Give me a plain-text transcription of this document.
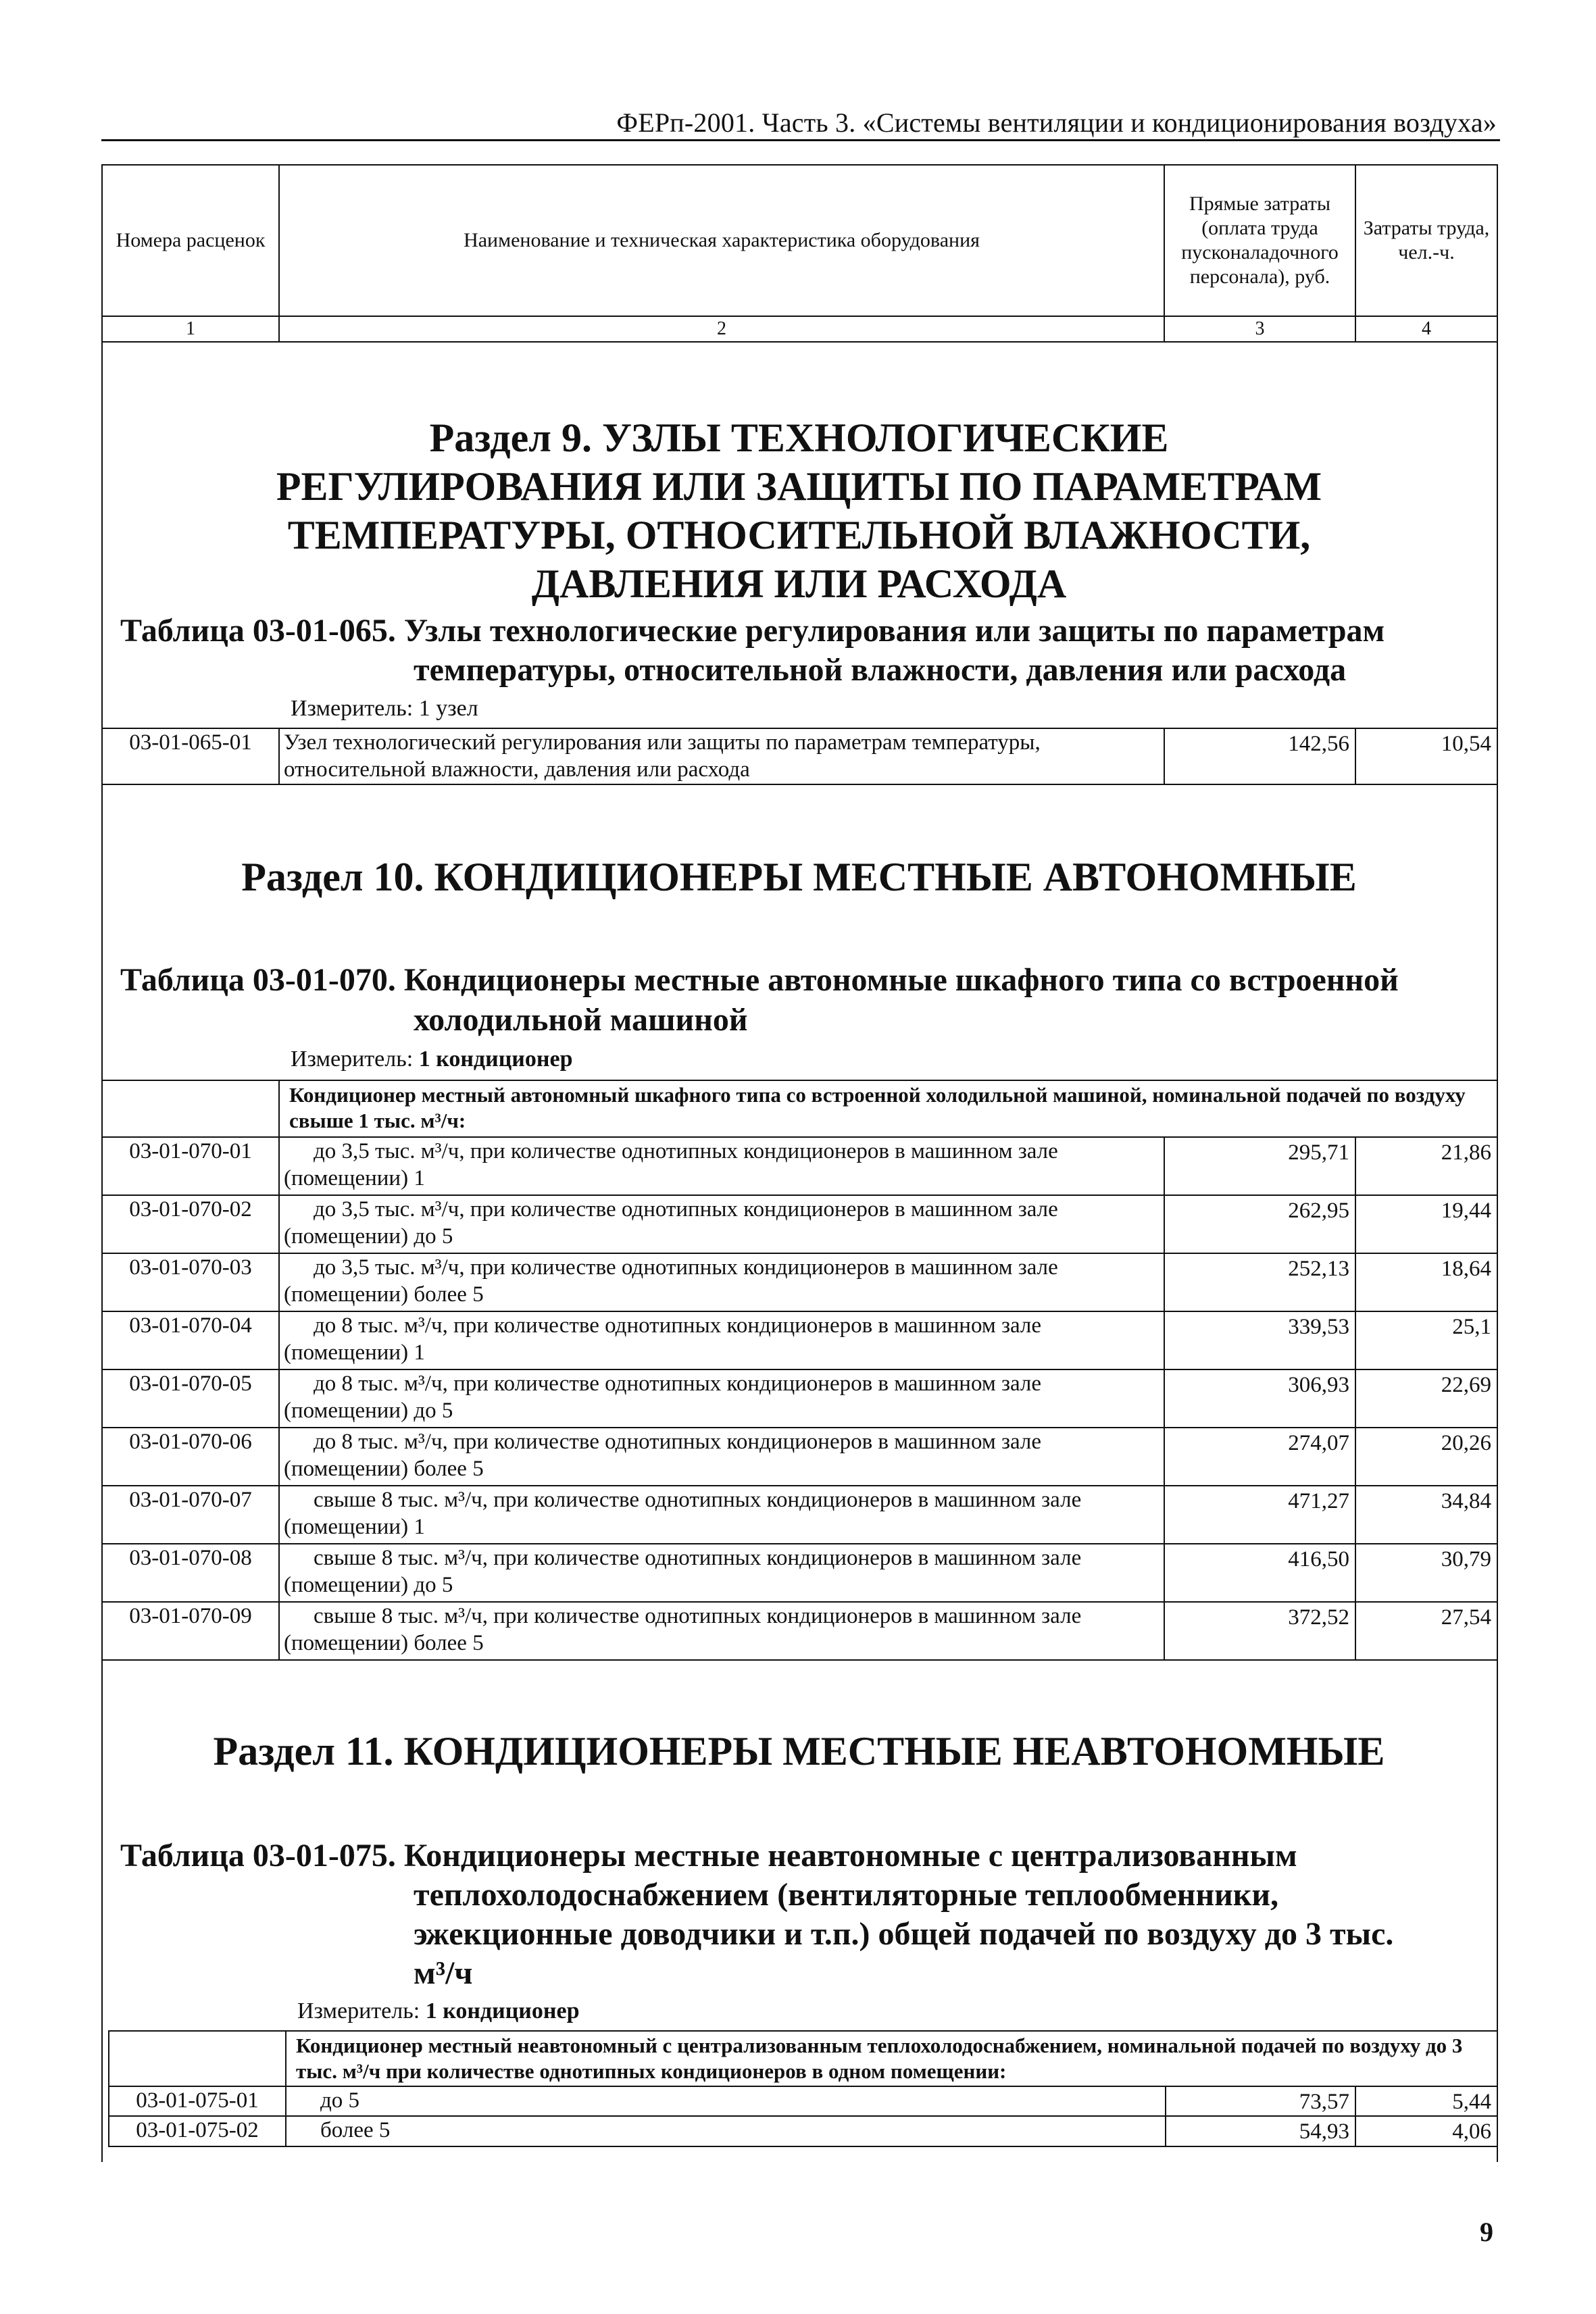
ФЕРп-2001. Часть 3. «Системы вентиляции и кондиционирования воздуха»
Номера расценок	Наименование и техническая характеристика оборудования	Прямые затраты (оплата труда пусконаладочного персонала), руб.	Затраты труда, чел.-ч.
1	2	3	4
Раздел 9. УЗЛЫ ТЕХНОЛОГИЧЕСКИЕ РЕГУЛИРОВАНИЯ ИЛИ ЗАЩИТЫ ПО ПАРАМЕТРАМ ТЕМПЕРАТУРЫ, ОТНОСИТЕЛЬНОЙ ВЛАЖНОСТИ, ДАВЛЕНИЯ ИЛИ РАСХОДА
Таблица 03-01-065. Узлы технологические регулирования или защиты по параметрам
температуры, относительной влажности, давления или расхода
Измеритель: 1 узел
03-01-065-01	Узел технологический регулирования или защиты по параметрам температуры, относительной влажности, давления или расхода	142,56	10,54
Раздел 10. КОНДИЦИОНЕРЫ МЕСТНЫЕ АВТОНОМНЫЕ
Таблица 03-01-070. Кондиционеры местные автономные шкафного типа со встроенной
холодильной машиной
Измеритель: 1 кондиционер
	Кондиционер местный автономный шкафного типа со встроенной холодильной машиной, номинальной подачей по воздуху свыше 1 тыс. м³/ч:		
03-01-070-01	до 3,5 тыс. м³/ч, при количестве однотипных кондиционеров в машинном зале (помещении) 1	295,71	21,86
03-01-070-02	до 3,5 тыс. м³/ч, при количестве однотипных кондиционеров в машинном зале (помещении) до 5	262,95	19,44
03-01-070-03	до 3,5 тыс. м³/ч, при количестве однотипных кондиционеров в машинном зале (помещении) более 5	252,13	18,64
03-01-070-04	до 8 тыс. м³/ч, при количестве однотипных кондиционеров в машинном зале (помещении) 1	339,53	25,1
03-01-070-05	до 8 тыс. м³/ч, при количестве однотипных кондиционеров в машинном зале (помещении) до 5	306,93	22,69
03-01-070-06	до 8 тыс. м³/ч, при количестве однотипных кондиционеров в машинном зале (помещении) более 5	274,07	20,26
03-01-070-07	свыше 8 тыс. м³/ч, при количестве однотипных кондиционеров в машинном зале (помещении) 1	471,27	34,84
03-01-070-08	свыше 8 тыс. м³/ч, при количестве однотипных кондиционеров в машинном зале (помещении) до 5	416,50	30,79
03-01-070-09	свыше 8 тыс. м³/ч, при количестве однотипных кондиционеров в машинном зале (помещении) более 5	372,52	27,54
Раздел 11. КОНДИЦИОНЕРЫ МЕСТНЫЕ НЕАВТОНОМНЫЕ
Таблица 03-01-075. Кондиционеры местные неавтономные с централизованным
теплохолодоснабжением (вентиляторные теплообменники,
эжекционные доводчики и т.п.) общей подачей по воздуху до 3 тыс.
м³/ч
Измеритель: 1 кондиционер
	Кондиционер местный неавтономный с централизованным теплохолодоснабжением, номинальной подачей по воздуху до 3 тыс. м³/ч при количестве однотипных кондиционеров в одном помещении:		
03-01-075-01	до 5	73,57	5,44
03-01-075-02	более 5	54,93	4,06
9
